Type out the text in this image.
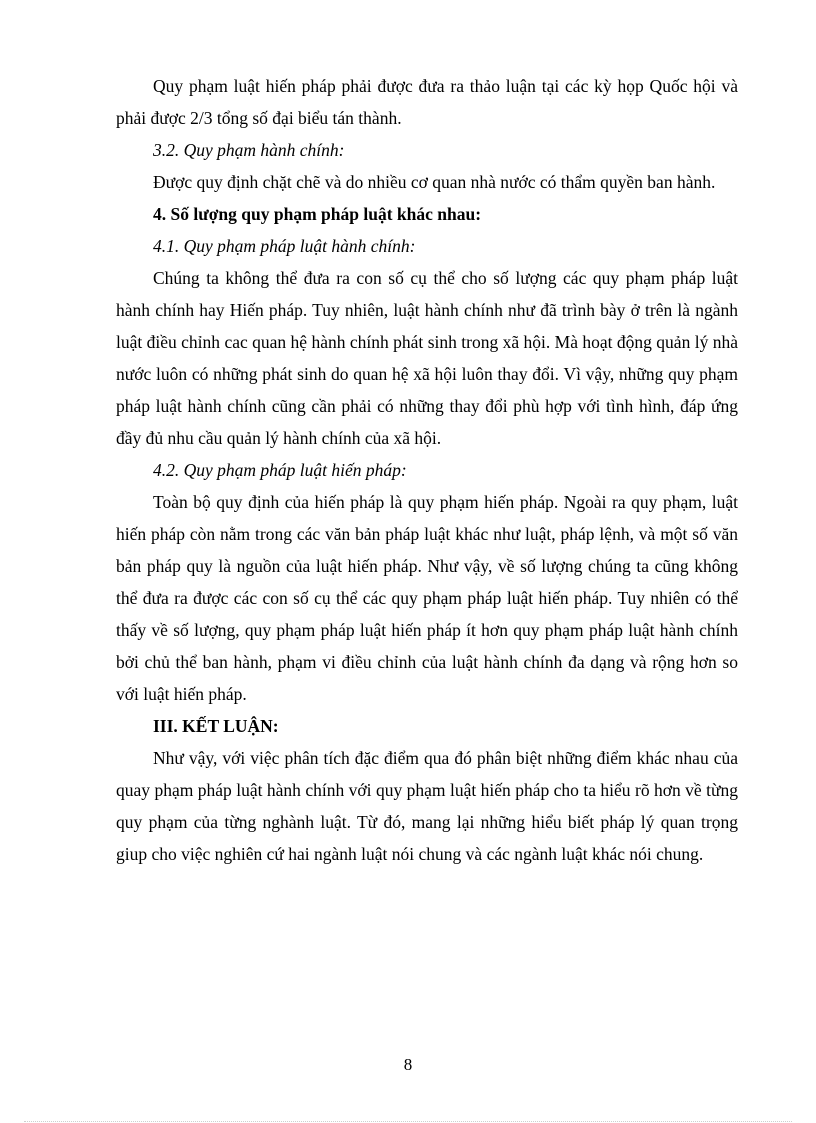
Quy phạm luật hiến pháp phải được đưa ra thảo luận tại các kỳ họp Quốc hội và phải được 2/3 tổng số đại biểu tán thành.

3.2. Quy phạm hành chính:

Được quy định chặt chẽ và do nhiều cơ quan nhà nước có thẩm quyền ban hành.

4. Số lượng quy phạm pháp luật khác nhau:

4.1. Quy phạm pháp luật hành chính:

Chúng ta không thể đưa ra con số cụ thể cho số lượng các quy phạm pháp luật hành chính hay Hiến pháp. Tuy nhiên, luật hành chính như đã trình bày ở trên là ngành luật điều chỉnh cac quan hệ hành chính phát sinh trong xã hội. Mà hoạt động quản lý nhà nước luôn có những phát sinh do quan hệ xã hội luôn thay đổi. Vì vậy, những quy phạm pháp luật hành chính cũng cần phải có những thay đổi phù hợp với tình hình, đáp ứng đầy đủ nhu cầu quản lý hành chính của xã hội.

4.2. Quy phạm pháp luật hiến pháp:

Toàn bộ quy định của hiến pháp là quy phạm hiến pháp. Ngoài ra quy phạm, luật hiến pháp còn nằm trong các văn bản pháp luật khác như luật, pháp lệnh, và một số văn bản pháp quy là nguồn của luật hiến pháp. Như vậy, về số lượng chúng ta cũng không thể đưa ra được các con số cụ thể các quy phạm pháp luật hiến pháp. Tuy nhiên có thể thấy về số lượng, quy phạm pháp luật hiến pháp ít hơn quy phạm pháp luật hành chính bởi chủ thể ban hành, phạm vi điều chỉnh của luật hành chính đa dạng và rộng hơn so với luật hiến pháp.

III. KẾT LUẬN:

Như vậy, với việc phân tích đặc điểm qua đó phân biệt những điểm khác nhau của quay phạm pháp luật hành chính với quy phạm luật hiến pháp cho ta hiểu rõ hơn về từng quy phạm của từng nghành luật. Từ đó, mang lại những hiểu biết pháp lý quan trọng giup cho việc nghiên cứ hai ngành luật nói chung và các ngành luật khác nói chung.

8
